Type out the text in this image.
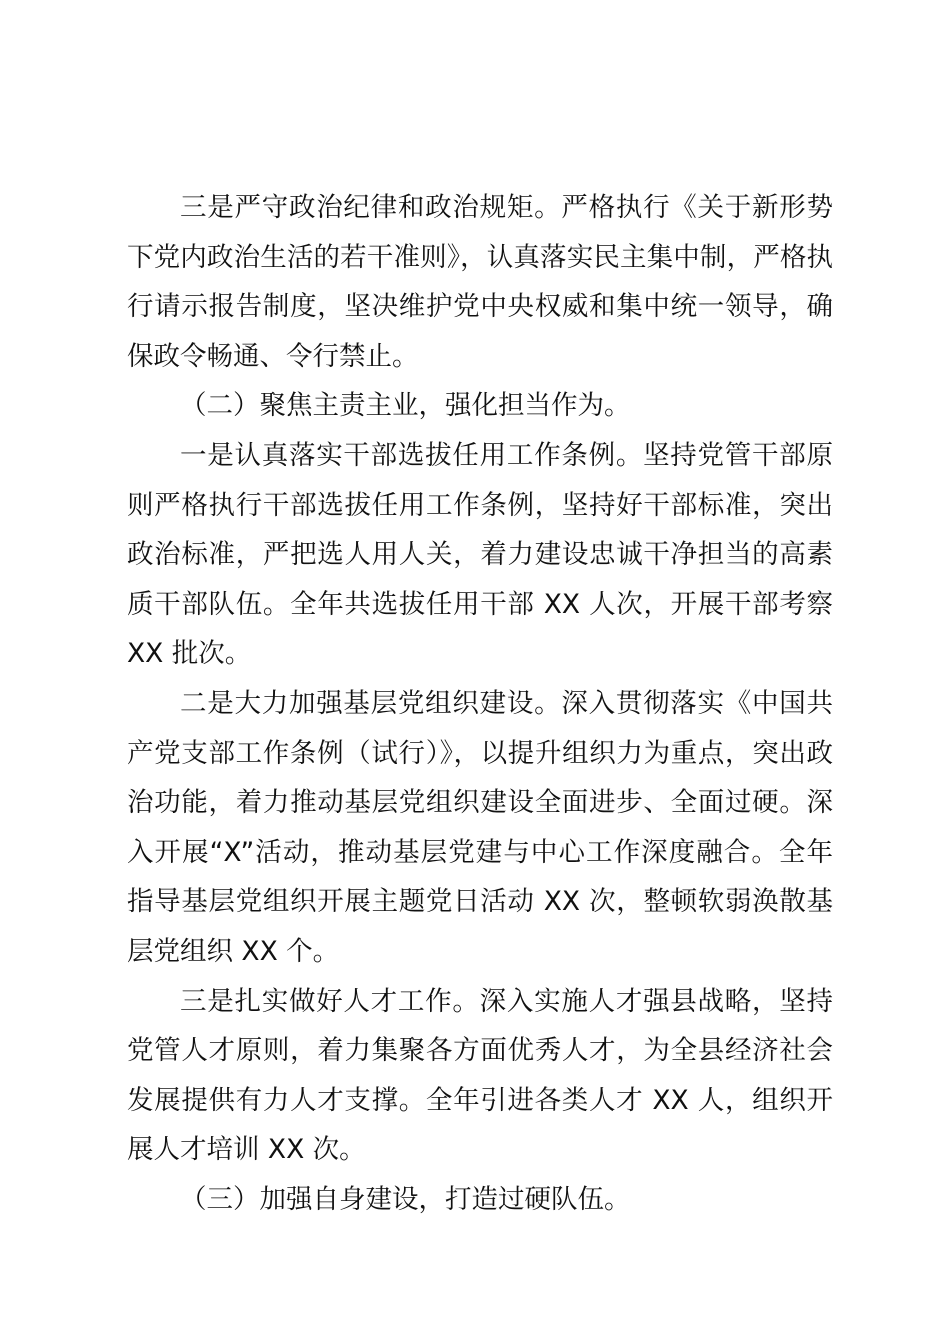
三是严守政治纪律和政治规矩。严格执行《关于新形势下党内政治生活的若干准则》，认真落实民主集中制，严格执行请示报告制度，坚决维护党中央权威和集中统一领导，确保政令畅通、令行禁止。

（二）聚焦主责主业，强化担当作为。

一是认真落实干部选拔任用工作条例。坚持党管干部原则严格执行干部选拔任用工作条例，坚持好干部标准，突出政治标准，严把选人用人关，着力建设忠诚干净担当的高素质干部队伍。全年共选拔任用干部 XX 人次，开展干部考察 XX 批次。

二是大力加强基层党组织建设。深入贯彻落实《中国共产党支部工作条例（试行）》，以提升组织力为重点，突出政治功能，着力推动基层党组织建设全面进步、全面过硬。深入开展“X”活动，推动基层党建与中心工作深度融合。全年指导基层党组织开展主题党日活动 XX 次，整顿软弱涣散基层党组织 XX 个。

三是扎实做好人才工作。深入实施人才强县战略，坚持党管人才原则，着力集聚各方面优秀人才，为全县经济社会发展提供有力人才支撑。全年引进各类人才 XX 人，组织开展人才培训 XX 次。

（三）加强自身建设，打造过硬队伍。
